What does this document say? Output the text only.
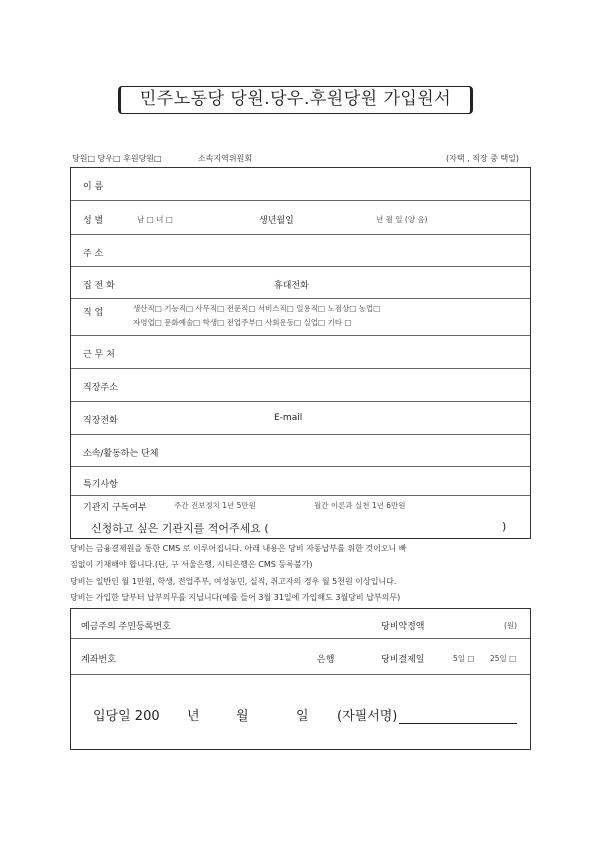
민주노동당 당원.당우.후원당원 가입원서
당원□ 당우□ 후원당원□	소속지역위원회	(자택 , 직장 중 택일)
이 름
성 별	남 □ 녀 □	생년월일	년 월 일 (양 음)
주 소
집 전 화	휴대전화
직 업	생산직□ 기능직□ 사무직□ 전문직□ 서비스직□ 일용직□ 노점상□ 농업□
자영업□ 문화예술□ 학생□ 전업주부□ 사회운동□ 실업□ 기타 □
근 무 처
직장주소
직장전화	E-mail
소속/활동하는 단체
특기사항
기관지 구독여부	주간 진보정치 1년 5만원	월간 이론과 실천 1년 6만원
신청하고 싶은 기관지를 적어주세요 (	)
당비는 금융결제원을 통한 CMS 로 이루어집니다. 아래 내용은 당비 자동납부를 위한 것이오니 빠
짐없이 기재해야 합니다.(단, 구 서울은행, 시티은행은 CMS 등록불가)
당비는 일반인 월 1만원, 학생, 전업주부, 여성농민, 실직, 취고자의 경우 월 5천원 이상입니다.
당비는 가입한 달부터 납부의무를 지닙니다(예를 들어 3월 31일에 가입해도 3월당비 납부의무)
예금주의 주민등록번호	당비약정액	(원)
계좌번호	은행	당비결제일	5일 □ 25일 □
입당일 200 년	월	일 (자필서명)
